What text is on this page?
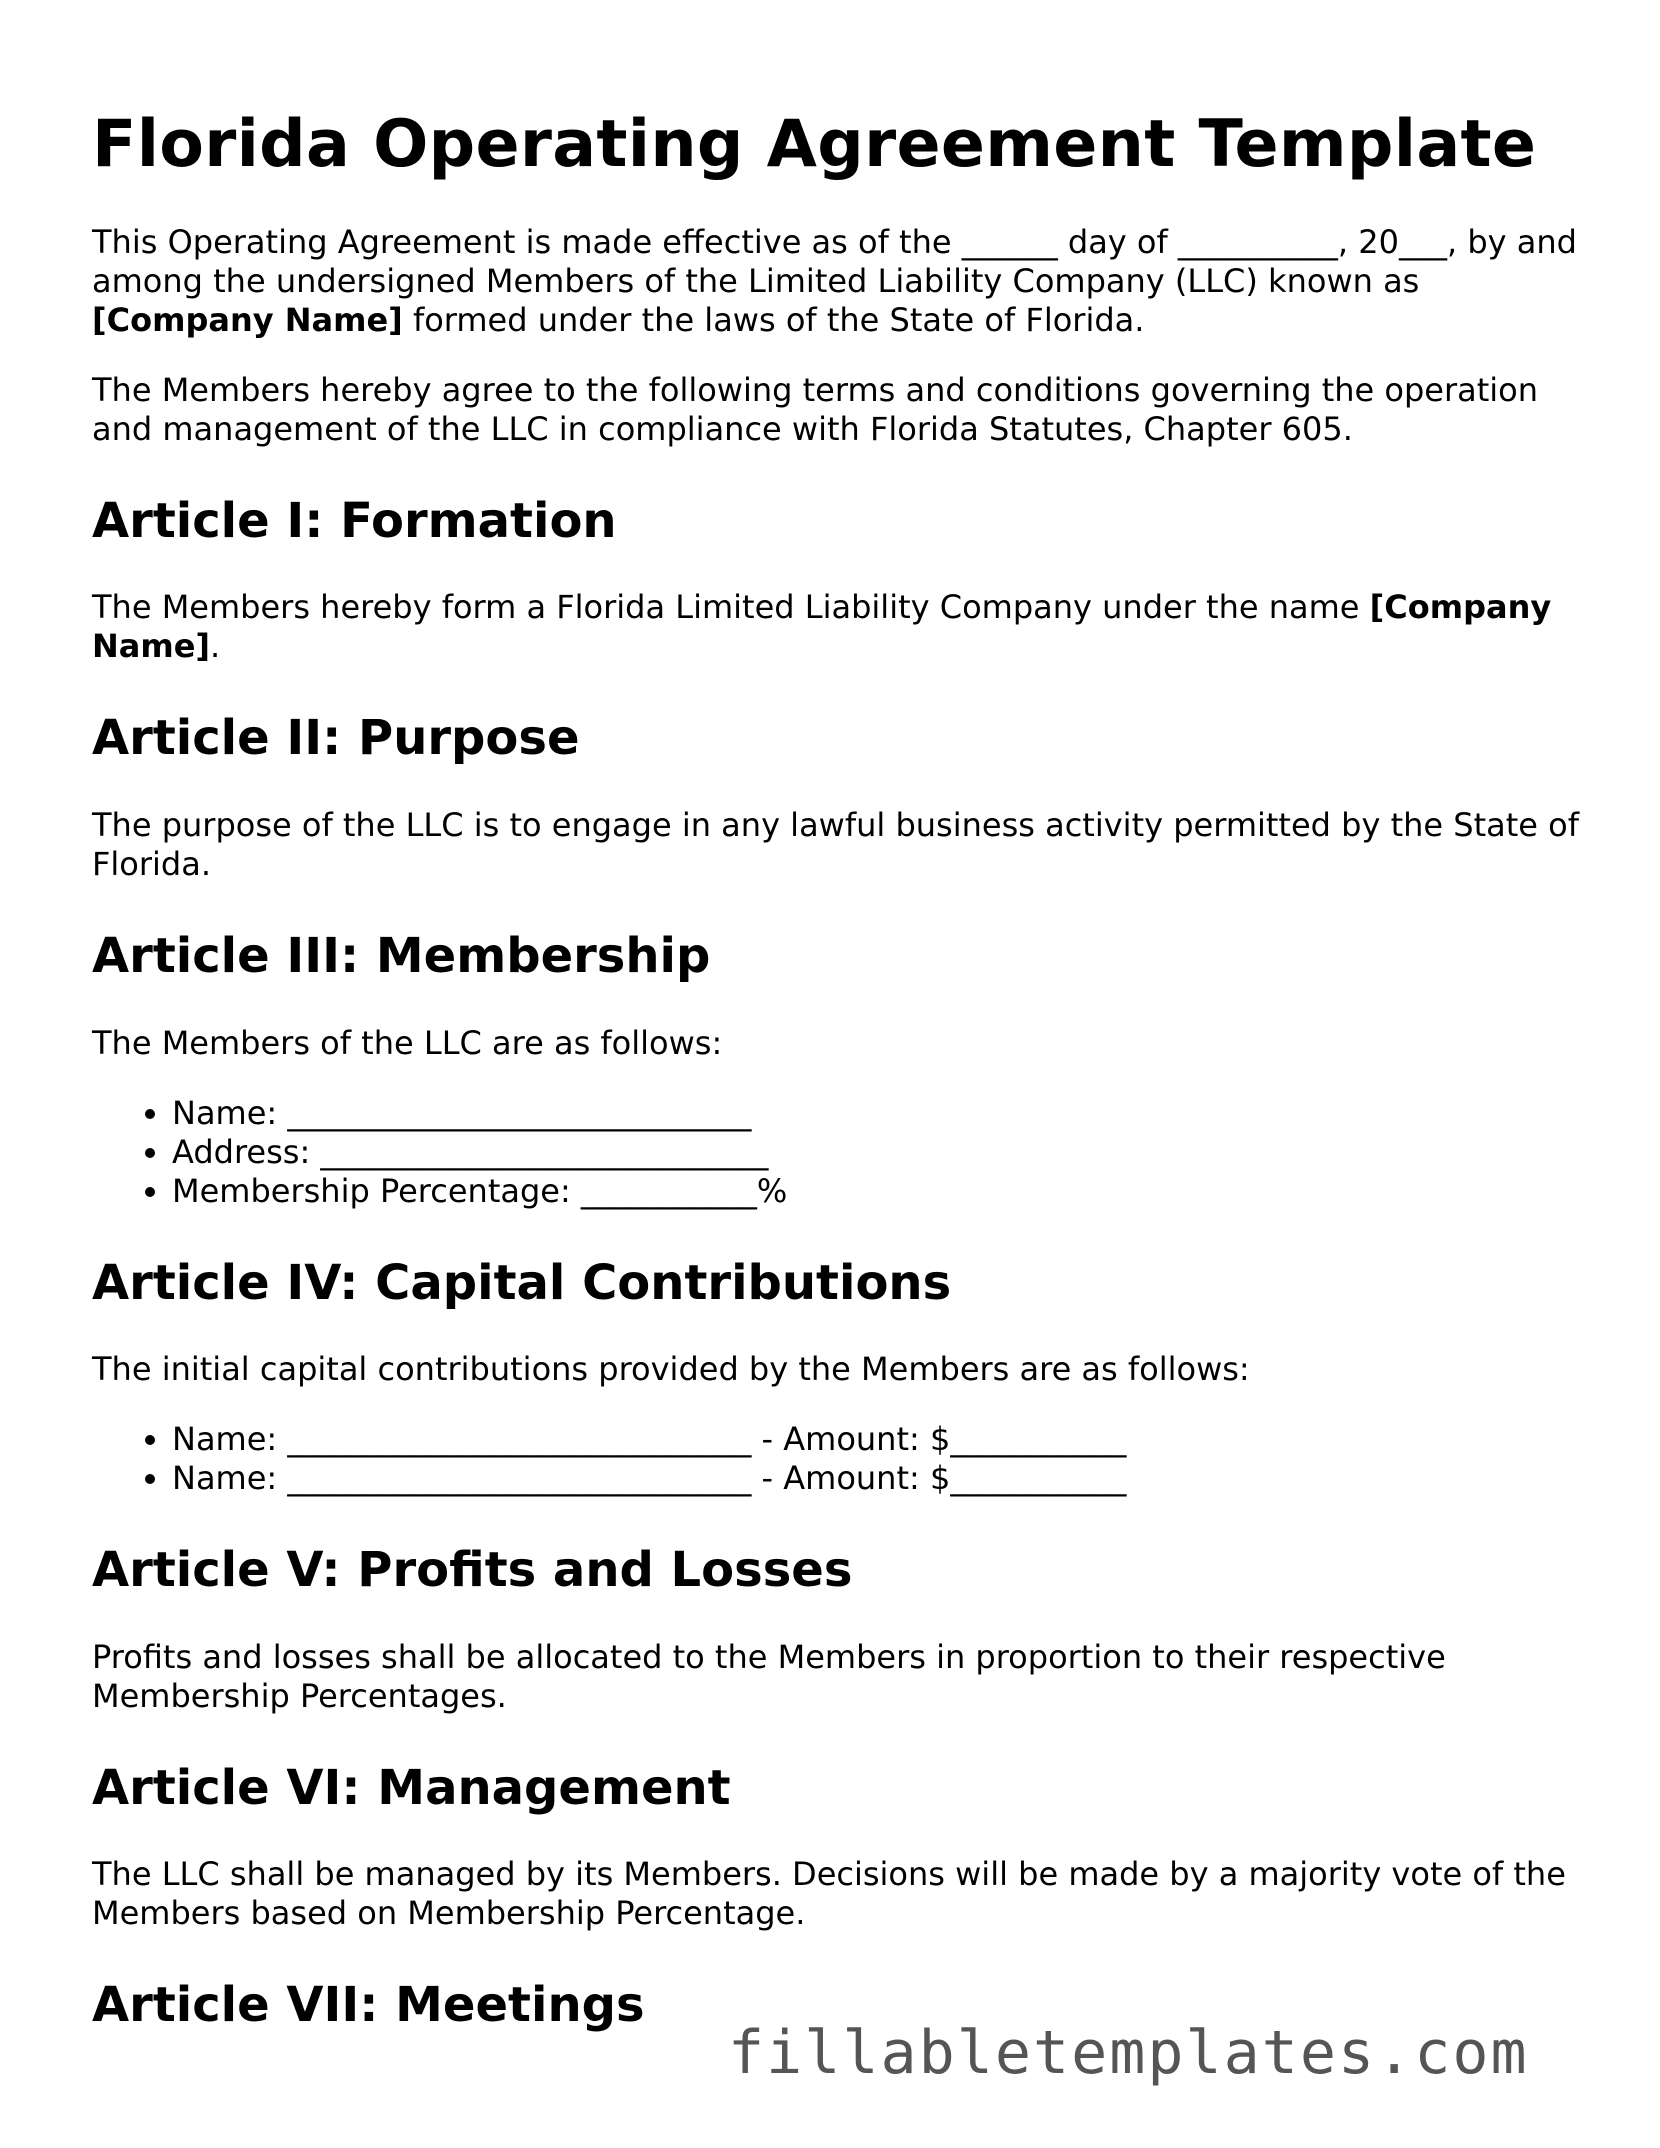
Florida Operating Agreement Template

This Operating Agreement is made effective as of the ______ day of __________, 20___, by and among the undersigned Members of the Limited Liability Company (LLC) known as [Company Name] formed under the laws of the State of Florida.

The Members hereby agree to the following terms and conditions governing the operation and management of the LLC in compliance with Florida Statutes, Chapter 605.

Article I: Formation

The Members hereby form a Florida Limited Liability Company under the name [Company Name].

Article II: Purpose

The purpose of the LLC is to engage in any lawful business activity permitted by the State of Florida.

Article III: Membership

The Members of the LLC are as follows:

• Name: _____________________________
• Address: ____________________________
• Membership Percentage: ___________%
Article IV: Capital Contributions

The initial capital contributions provided by the Members are as follows:

• Name: _____________________________ - Amount: $___________
• Name: _____________________________ - Amount: $___________
Article V: Profits and Losses

Profits and losses shall be allocated to the Members in proportion to their respective Membership Percentages.

Article VI: Management

The LLC shall be managed by its Members. Decisions will be made by a majority vote of the Members based on Membership Percentage.

Article VII: Meetings
fillabletemplates.com
